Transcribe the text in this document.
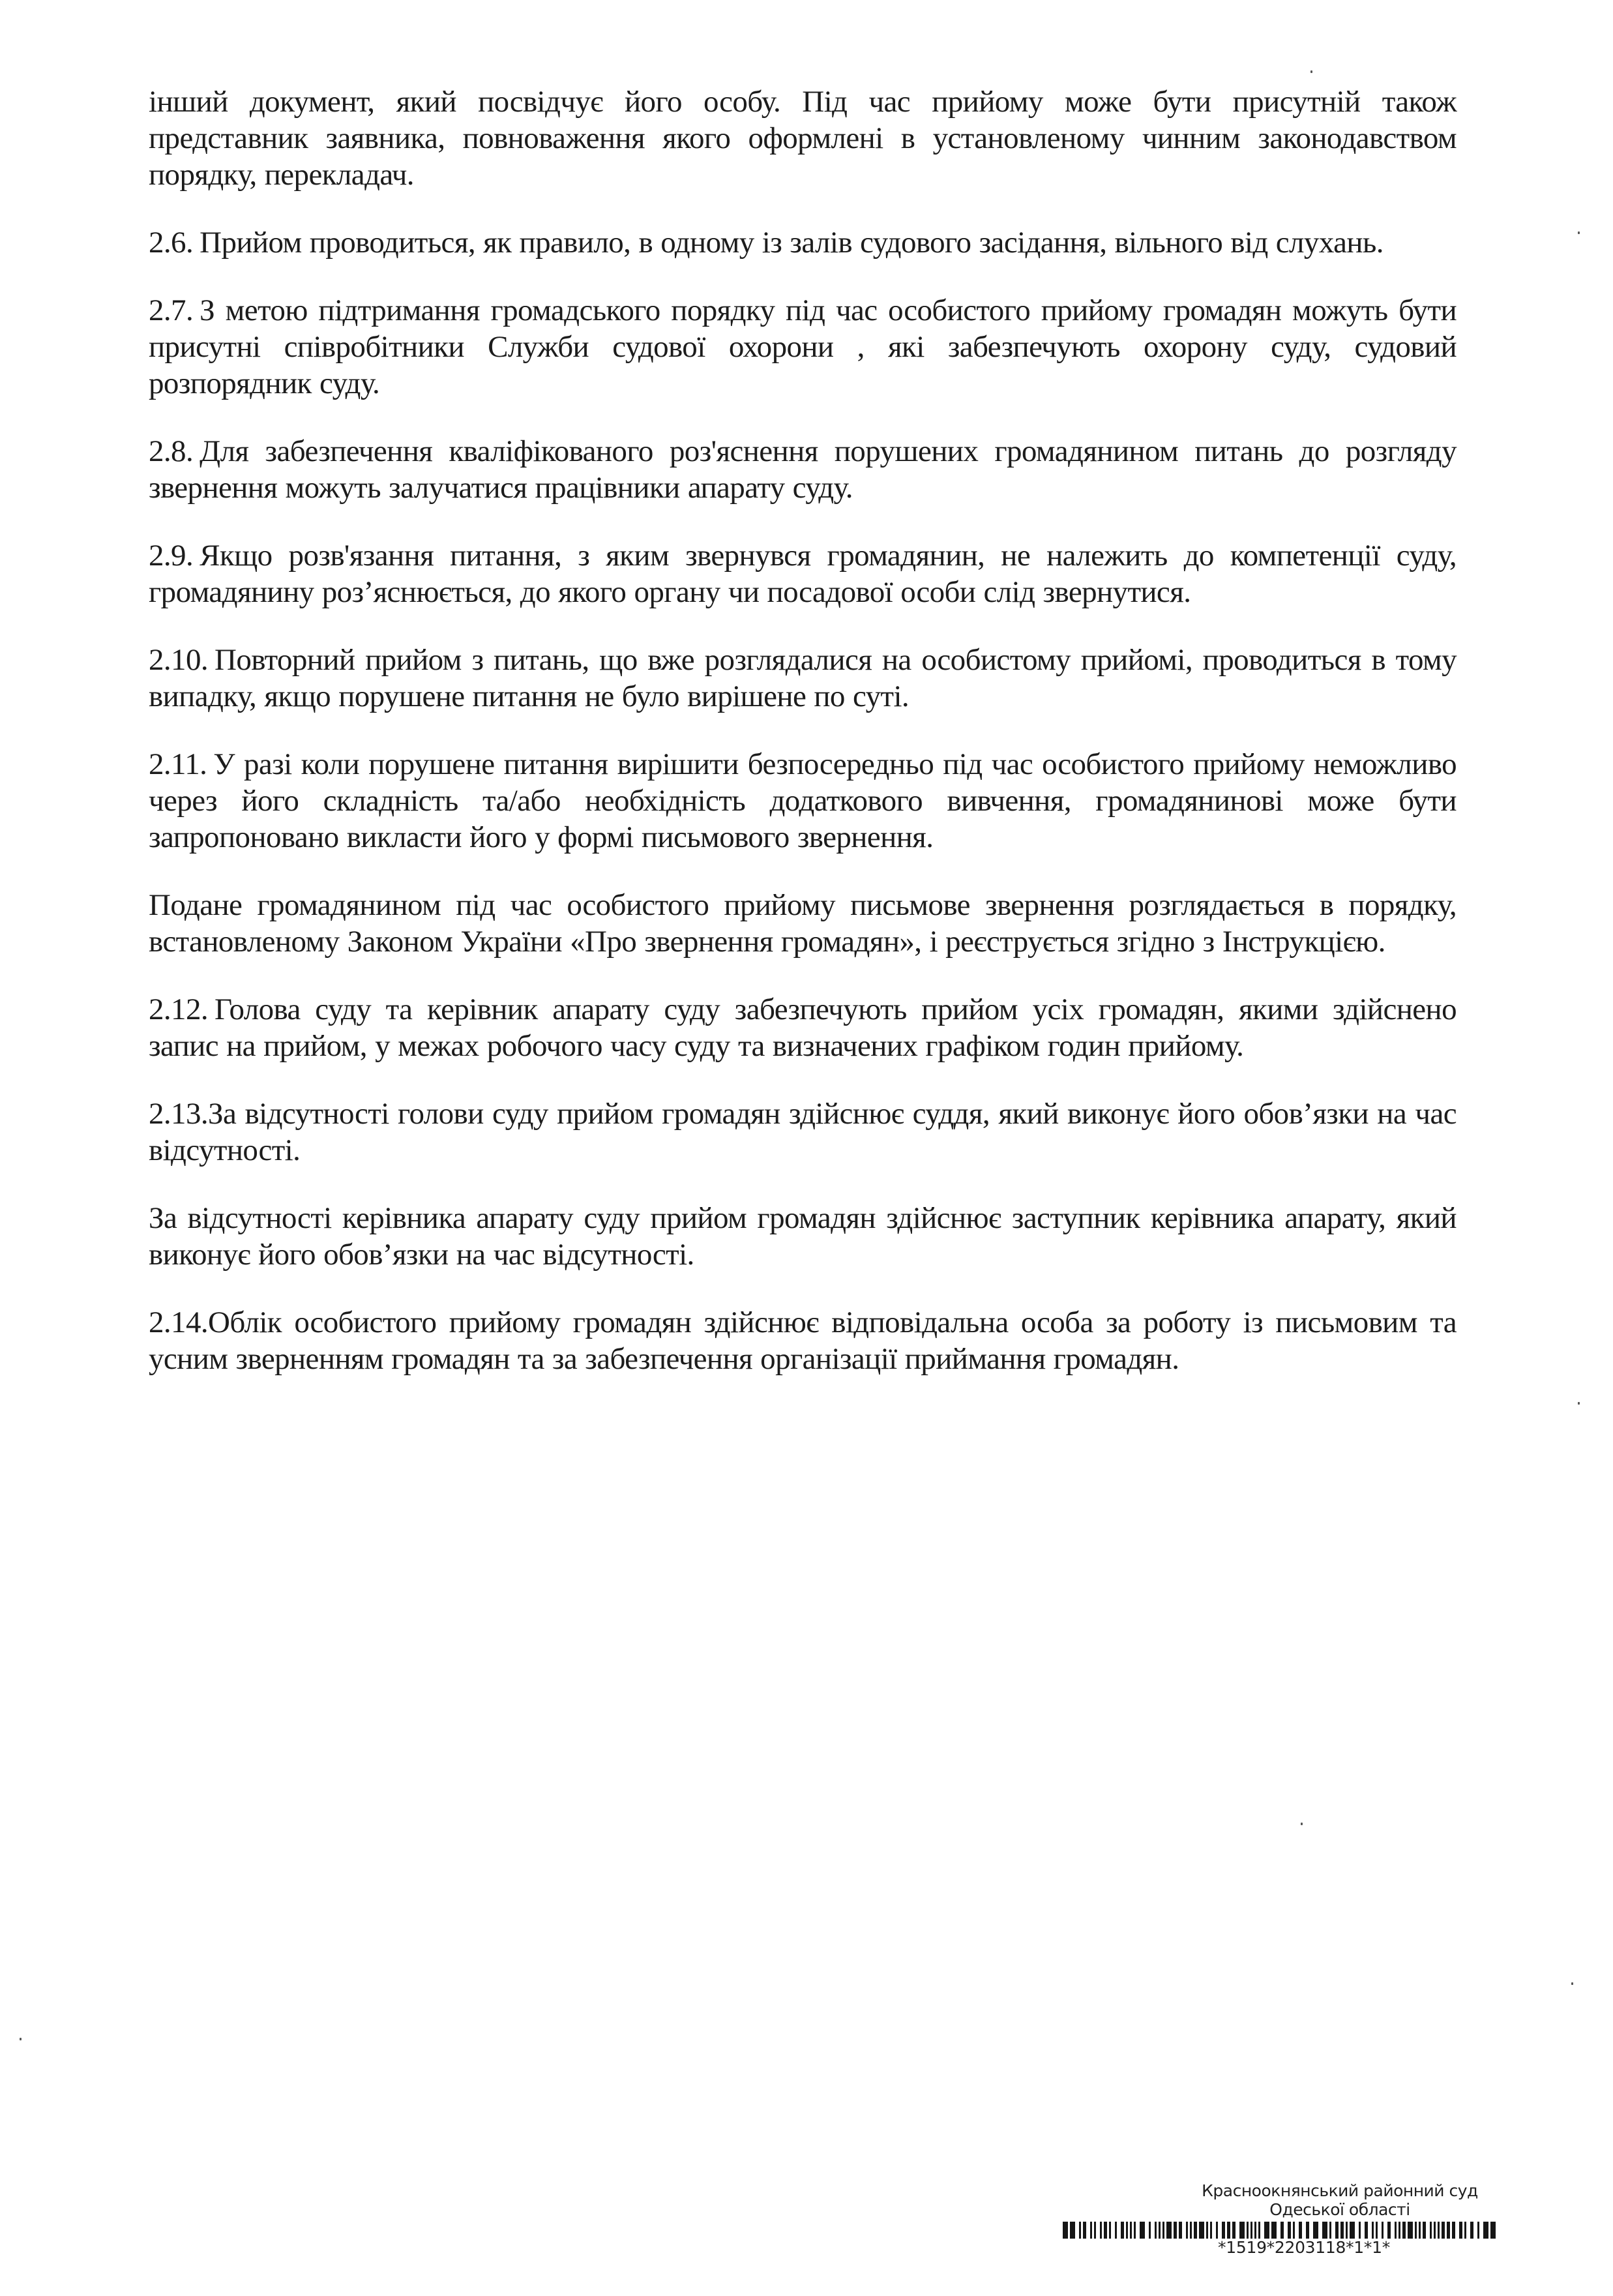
інший документ, який посвідчує його особу. Під час прийому може бути присутній також представник заявника, повноваження якого оформлені в установленому чинним законодавством порядку, перекладач.

2.6. Прийом проводиться, як правило, в одному із залів судового засідання, вільного від слухань.

2.7. З метою підтримання громадського порядку під час особистого прийому громадян можуть бути присутні співробітники Служби судової охорони , які забезпечують охорону суду, судовий розпорядник суду.

2.8. Для забезпечення кваліфікованого роз'яснення порушених громадянином питань до розгляду звернення можуть залучатися працівники апарату суду.

2.9. Якщо розв'язання питання, з яким звернувся громадянин, не належить до компетенції суду, громадянину роз’яснюється, до якого органу чи посадової особи слід звернутися.

2.10. Повторний прийом з питань, що вже розглядалися на особистому прийомі, проводиться в тому випадку, якщо порушене питання не було вирішене по суті.

2.11. У разі коли порушене питання вирішити безпосередньо під час особистого прийому неможливо через його складність та/або необхідність додаткового вивчення, громадянинові може бути запропоновано викласти його у формі письмового звернення.

Подане громадянином під час особистого прийому письмове звернення розглядається в порядку, встановленому Законом України «Про звернення громадян», і реєструється згідно з Інструкцією.

2.12. Голова суду та керівник апарату суду забезпечують прийом усіх громадян, якими здійснено запис на прийом, у межах робочого часу суду та визначених графіком годин прийому.

2.13.За відсутності голови суду прийом громадян здійснює суддя, який виконує його обов’язки на час відсутності.

За відсутності керівника апарату суду прийом громадян здійснює заступник керівника апарату, який виконує його обов’язки на час відсутності.

2.14.Облік особистого прийому громадян здійснює відповідальна особа за роботу із письмовим та усним зверненням громадян та за забезпечення організації приймання громадян.

Красноокнянський районний суд
Одеської області
*1519*2203118*1*1*
